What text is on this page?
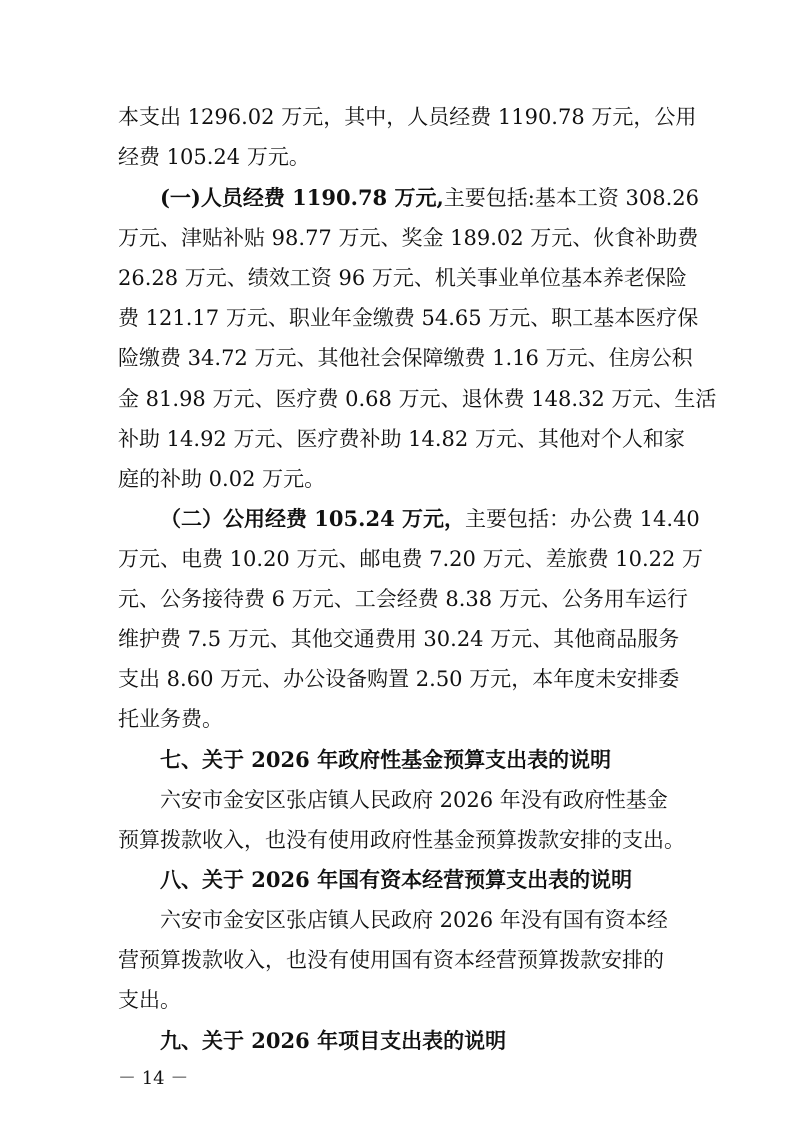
本支出 1296.02 万元，其中，人员经费 1190.78 万元，公用
经费 105.24 万元。
(一)人员经费 1190.78 万元,主要包括:基本工资 308.26
万元、津贴补贴 98.77 万元、奖金 189.02 万元、伙食补助费
26.28 万元、绩效工资 96 万元、机关事业单位基本养老保险
费 121.17 万元、职业年金缴费 54.65 万元、职工基本医疗保
险缴费 34.72 万元、其他社会保障缴费 1.16 万元、住房公积
金 81.98 万元、医疗费 0.68 万元、退休费 148.32 万元、生活
补助 14.92 万元、医疗费补助 14.82 万元、其他对个人和家
庭的补助 0.02 万元。
（二）公用经费 105.24 万元，主要包括：办公费 14.40
万元、电费 10.20 万元、邮电费 7.20 万元、差旅费 10.22 万
元、公务接待费 6 万元、工会经费 8.38 万元、公务用车运行
维护费 7.5 万元、其他交通费用 30.24 万元、其他商品服务
支出 8.60 万元、办公设备购置 2.50 万元，本年度未安排委
托业务费。
七、关于 2026 年政府性基金预算支出表的说明
六安市金安区张店镇人民政府 2026 年没有政府性基金
预算拨款收入，也没有使用政府性基金预算拨款安排的支出。
八、关于 2026 年国有资本经营预算支出表的说明
六安市金安区张店镇人民政府 2026 年没有国有资本经
营预算拨款收入，也没有使用国有资本经营预算拨款安排的
支出。
九、关于 2026 年项目支出表的说明
－ 14 －
